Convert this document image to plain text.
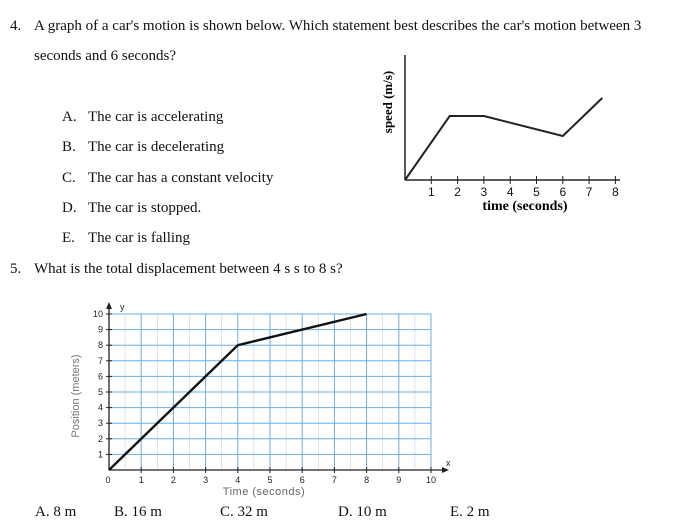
4. A graph of a car's motion is shown below. Which statement best describes the car's motion between 3
seconds and 6 seconds?
A. The car is accelerating
B. The car is decelerating
C. The car has a constant velocity
D. The car is stopped.
E. The car is falling
1 2 3 4 5 6 7 8
time (seconds)
speed (m/s)
5. What is the total displacement between 4 s s to 8 s?
0	1	2	3	4	5	6	7	8	9	10
1
2
3
4
5
6
7
8
9
10
x
y
Time (seconds)
Position (meters)
A. 8 m	B. 16 m	C. 32 m	D. 10 m	E. 2 m
